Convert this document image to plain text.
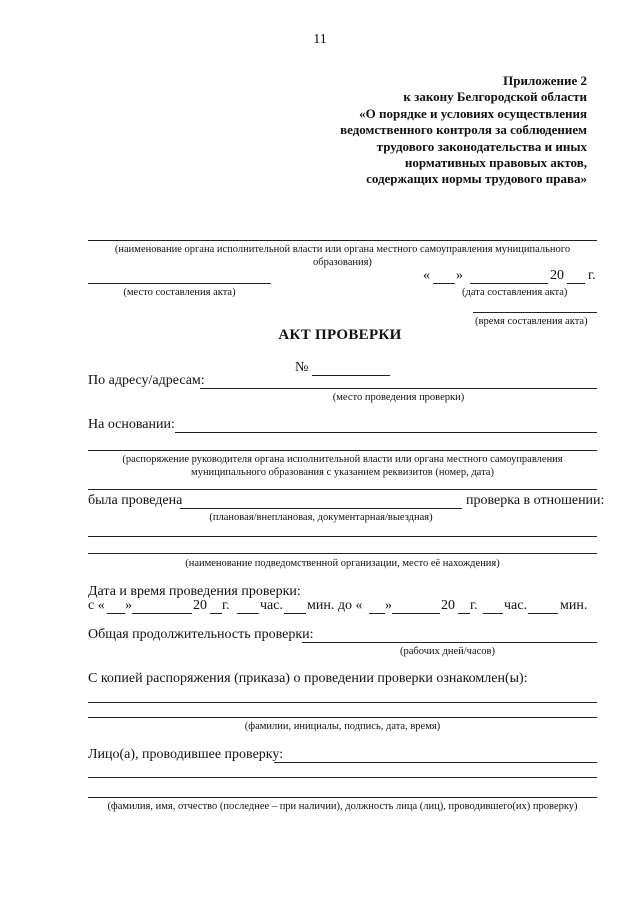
11
Приложение 2
к закону Белгородской области
«О порядке и условиях осуществления
ведомственного контроля за соблюдением
трудового законодательства и иных
нормативных правовых актов,
содержащих нормы трудового права»
(наименование органа исполнительной власти или органа местного самоуправления муниципального
образования)
(место составления акта)
« »	20 г.
(дата составления акта)
(время составления акта)
АКТ ПРОВЕРКИ
№
По адресу/адресам:
(место проведения проверки)
На основании:
(распоряжение руководителя органа исполнительной власти или органа местного самоуправления
муниципального образования с указанием реквизитов (номер, дата)
была проведена	проверка в отношении:
(плановая/внеплановая, документарная/выездная)
(наименование подведомственной организации, место её нахождения)
Дата и время проведения проверки:
с « »	20 г. час. мин. до « »	20 г. час. мин.
Общая продолжительность проверки:
(рабочих дней/часов)
С копией распоряжения (приказа) о проведении проверки ознакомлен(ы):
(фамилии, инициалы, подпись, дата, время)
Лицо(а), проводившее проверку:
(фамилия, имя, отчество (последнее – при наличии), должность лица (лиц), проводившего(их) проверку)
